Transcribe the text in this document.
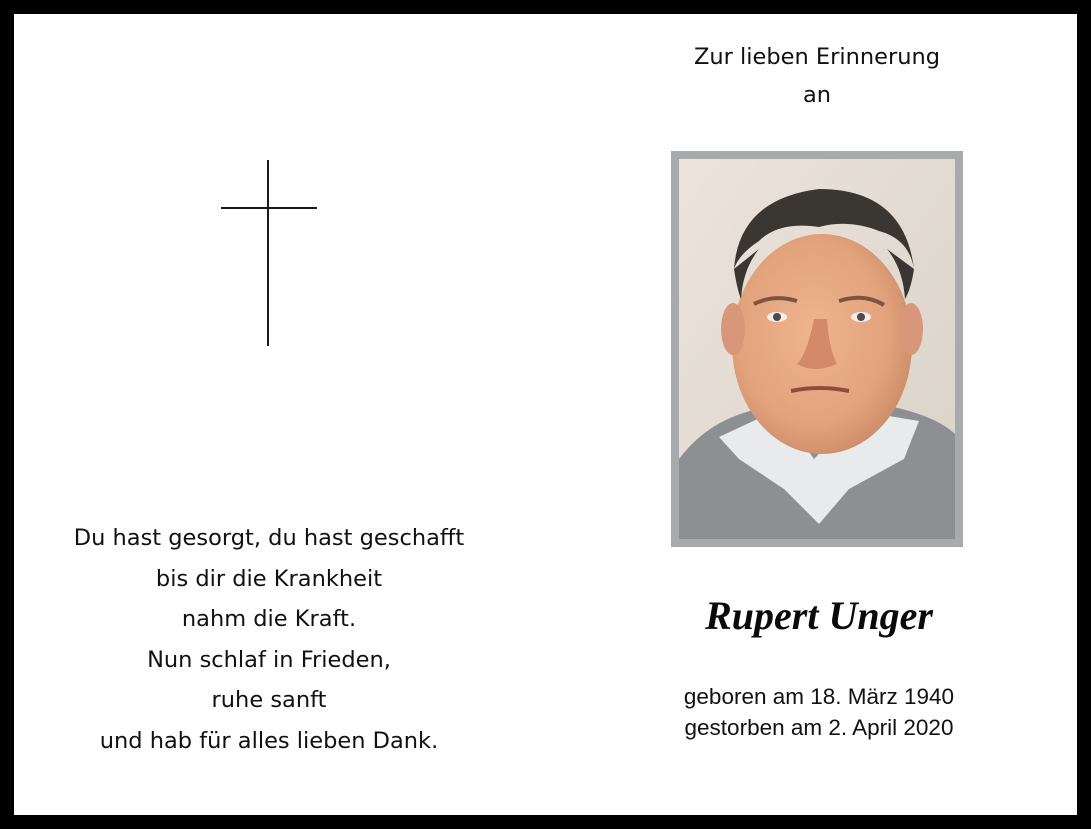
Du hast gesorgt, du hast geschafft
bis dir die Krankheit
nahm die Kraft.
Nun schlaf in Frieden,
ruhe sanft
und hab für alles lieben Dank.
Zur lieben Erinnerung
an
Rupert Unger
geboren am 18. März 1940
gestorben am 2. April 2020
